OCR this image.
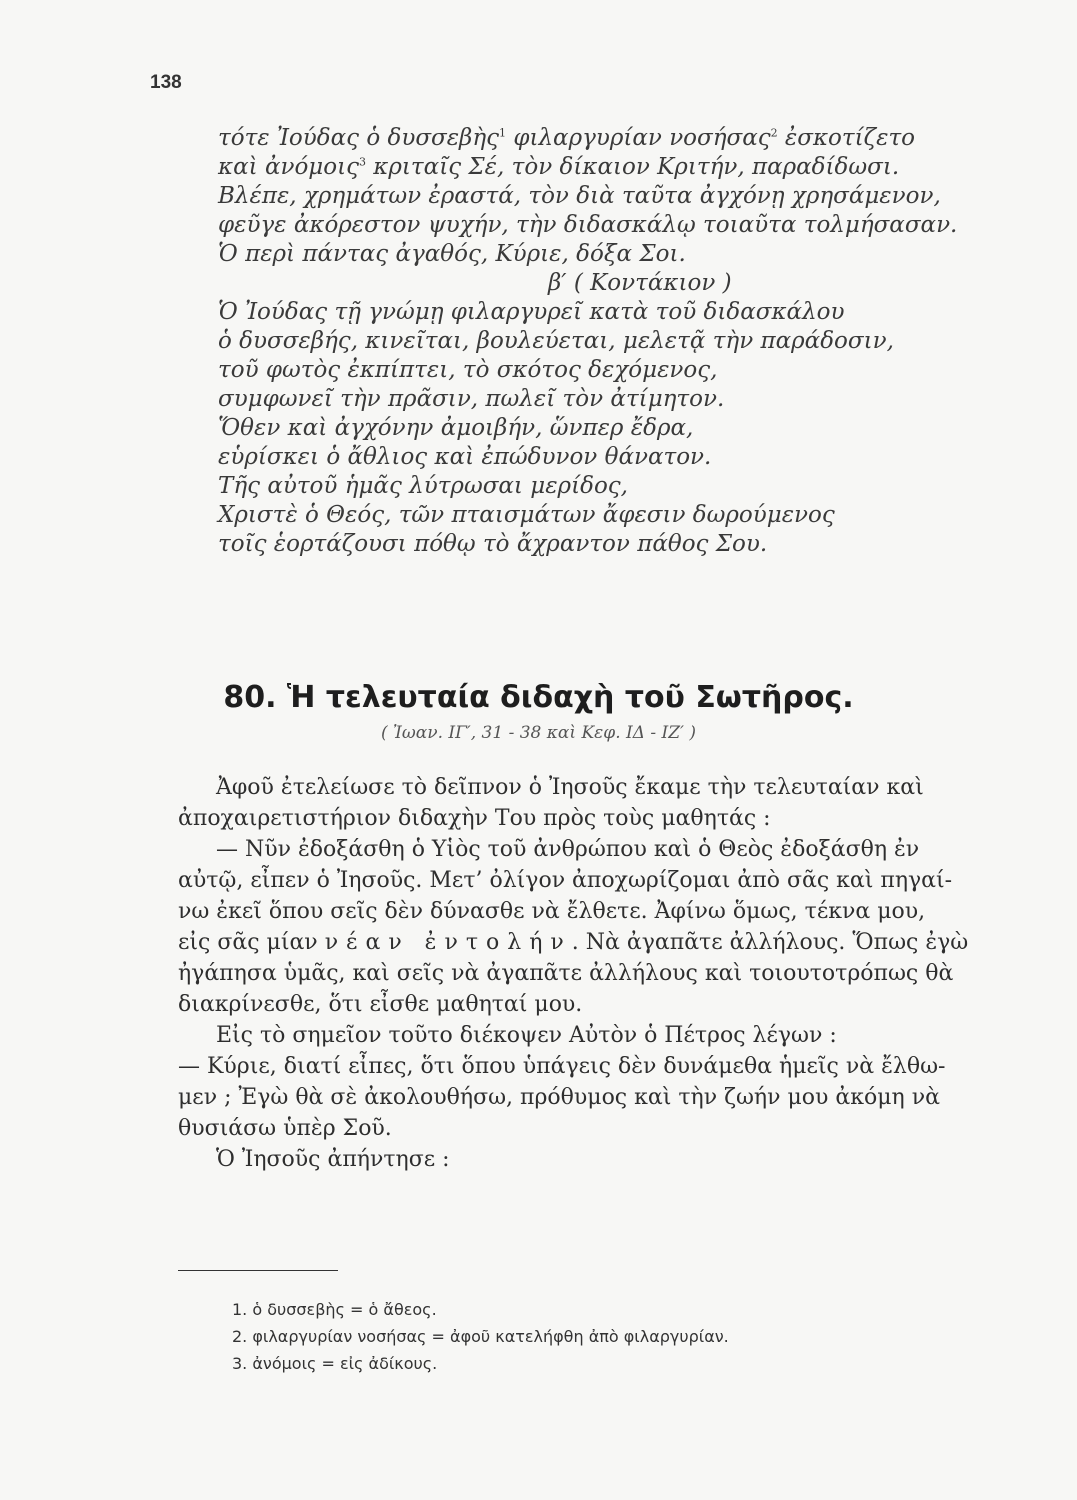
138
τότε Ἰούδας ὁ δυσσεβὴς$^1$ φιλαργυρίαν νοσήσας$^2$ ἐσκοτίζετο
καὶ ἀνόμοις$^3$ κριταῖς Σέ, τὸν δίκαιον Κριτήν, παραδίδωσι.
Βλέπε, χρημάτων ἐραστά, τὸν διὰ ταῦτα ἀγχόνῃ χρησάμενον,
φεῦγε ἀκόρεστον ψυχήν, τὴν διδασκάλῳ τοιαῦτα τολμήσασαν.
Ὁ περὶ πάντας ἀγαθός, Κύριε, δόξα Σοι.
β′ ( Κοντάκιον )
Ὁ Ἰούδας τῇ γνώμῃ φιλαργυρεῖ κατὰ τοῦ διδασκάλου
ὁ δυσσεβής, κινεῖται, βουλεύεται, μελετᾷ τὴν παράδοσιν,
τοῦ φωτὸς ἐκπίπτει, τὸ σκότος δεχόμενος,
συμφωνεῖ τὴν πρᾶσιν, πωλεῖ τὸν ἀτίμητον.
Ὅθεν καὶ ἀγχόνην ἀμοιβήν, ὥνπερ ἔδρα,
εὑρίσκει ὁ ἄθλιος καὶ ἐπώδυνον θάνατον.
Τῆς αὐτοῦ ἡμᾶς λύτρωσαι μερίδος,
Χριστὲ ὁ Θεός, τῶν πταισμάτων ἄφεσιν δωρούμενος
τοῖς ἑορτάζουσι πόθῳ τὸ ἄχραντον πάθος Σου.
80. Ἡ τελευταία διδαχὴ τοῦ Σωτῆρος.
( Ἰωαν. ΙΓ′, 31 - 38 καὶ Κεφ. ΙΔ - ΙΖ′ )
Ἀφοῦ ἐτελείωσε τὸ δεῖπνον ὁ Ἰησοῦς ἔκαμε τὴν τελευταίαν καὶ
ἀποχαιρετιστήριον διδαχὴν Του πρὸς τοὺς μαθητάς :
— Νῦν ἐδοξάσθη ὁ Υἱὸς τοῦ ἀνθρώπου καὶ ὁ Θεὸς ἐδοξάσθη ἐν
αὐτῷ, εἶπεν ὁ Ἰησοῦς. Μετ’ ὀλίγον ἀποχωρίζομαι ἀπὸ σᾶς καὶ πηγαί-
νω ἐκεῖ ὅπου σεῖς δὲν δύνασθε νὰ ἔλθετε. Ἀφίνω ὅμως, τέκνα μου,
εἰς σᾶς μίαν νέαν ἐντολήν. Νὰ ἀγαπᾶτε ἀλλήλους. Ὅπως ἐγὼ
ἠγάπησα ὑμᾶς, καὶ σεῖς νὰ ἀγαπᾶτε ἀλλήλους καὶ τοιουτοτρόπως θὰ
διακρίνεσθε, ὅτι εἶσθε μαθηταί μου.
Εἰς τὸ σημεῖον τοῦτο διέκοψεν Αὐτὸν ὁ Πέτρος λέγων :
— Κύριε, διατί εἶπες, ὅτι ὅπου ὑπάγεις δὲν δυνάμεθα ἡμεῖς νὰ ἔλθω-
μεν ; Ἐγὼ θὰ σὲ ἀκολουθήσω, πρόθυμος καὶ τὴν ζωήν μου ἀκόμη νὰ
θυσιάσω ὑπὲρ Σοῦ.
Ὁ Ἰησοῦς ἀπήντησε :
1. ὁ δυσσεβὴς = ὁ ἄθεος.
2. φιλαργυρίαν νοσήσας = ἀφοῦ κατελήφθη ἀπὸ φιλαργυρίαν.
3. ἀνόμοις = εἰς ἀδίκους.
